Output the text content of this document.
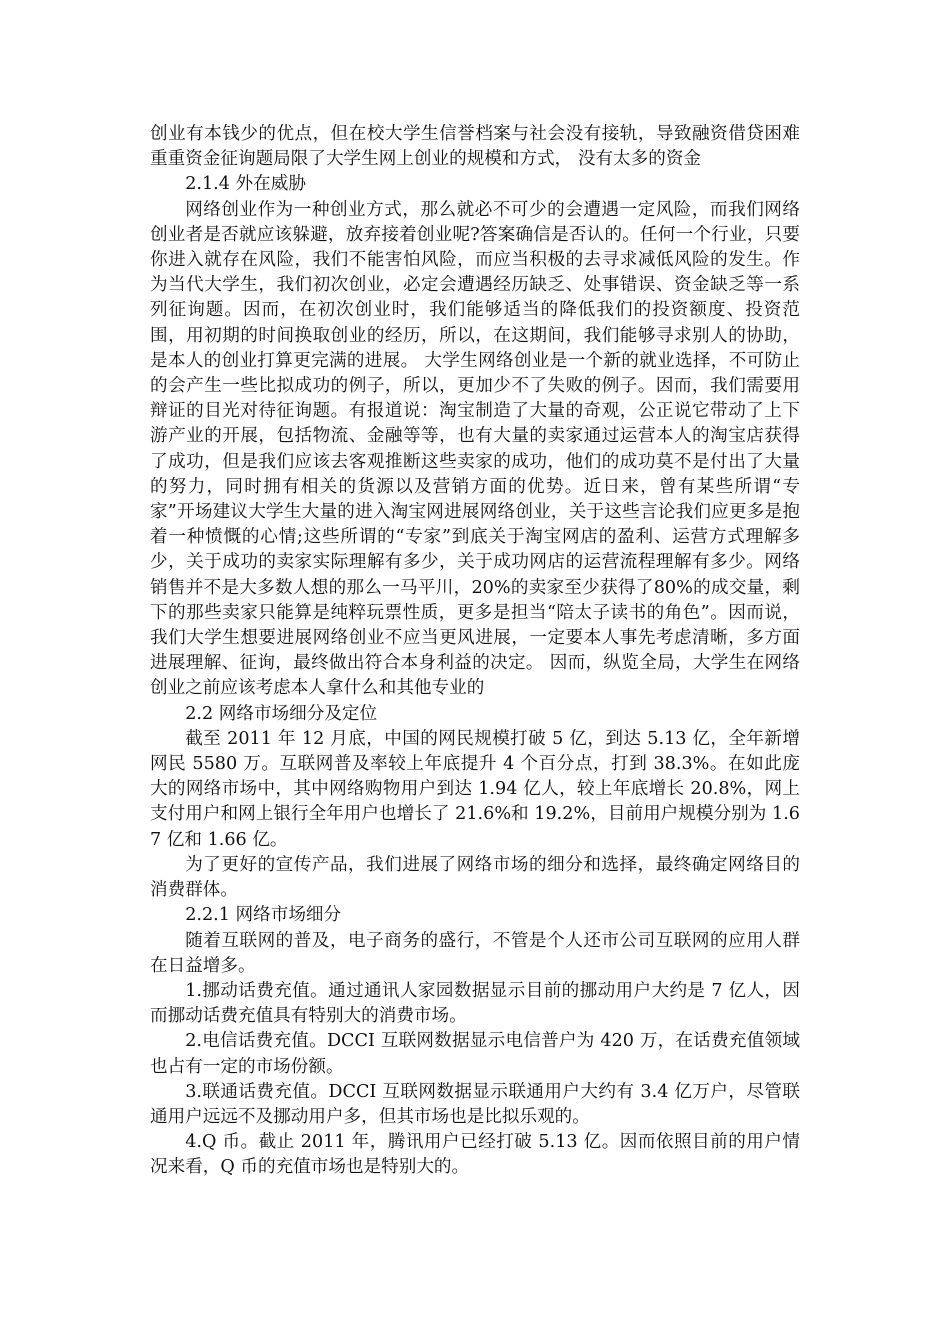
创业有本钱少的优点，但在校大学生信誉档案与社会没有接轨，导致融资借贷困难重重资金征询题局限了大学生网上创业的规模和方式， 没有太多的资金

2.1.4 外在威胁

网络创业作为一种创业方式，那么就必不可少的会遭遇一定风险，而我们网络创业者是否就应该躲避，放弃接着创业呢?答案确信是否认的。任何一个行业，只要你进入就存在风险，我们不能害怕风险，而应当积极的去寻求减低风险的发生。作为当代大学生，我们初次创业，必定会遭遇经历缺乏、处事错误、资金缺乏等一系列征询题。因而，在初次创业时，我们能够适当的降低我们的投资额度、投资范围，用初期的时间换取创业的经历，所以，在这期间，我们能够寻求别人的协助，是本人的创业打算更完满的进展。 大学生网络创业是一个新的就业选择，不可防止的会产生一些比拟成功的例子，所以，更加少不了失败的例子。因而，我们需要用辩证的目光对待征询题。有报道说：淘宝制造了大量的奇观，公正说它带动了上下游产业的开展，包括物流、金融等等，也有大量的卖家通过运营本人的淘宝店获得了成功，但是我们应该去客观推断这些卖家的成功，他们的成功莫不是付出了大量的努力，同时拥有相关的货源以及营销方面的优势。近日来，曾有某些所谓“专家”开场建议大学生大量的进入淘宝网进展网络创业，关于这些言论我们应更多是抱着一种愤慨的心情;这些所谓的“专家”到底关于淘宝网店的盈利、运营方式理解多少，关于成功的卖家实际理解有多少，关于成功网店的运营流程理解有多少。网络销售并不是大多数人想的那么一马平川，20%的卖家至少获得了80%的成交量，剩下的那些卖家只能算是纯粹玩票性质，更多是担当“陪太子读书的角色”。因而说，我们大学生想要进展网络创业不应当更风进展，一定要本人事先考虑清晰，多方面进展理解、征询，最终做出符合本身利益的决定。 因而，纵览全局，大学生在网络创业之前应该考虑本人拿什么和其他专业的

2.2 网络市场细分及定位

截至 2011 年 12 月底，中国的网民规模打破 5 亿，到达 5.13 亿，全年新增网民 5580 万。互联网普及率较上年底提升 4 个百分点，打到 38.3%。在如此庞大的网络市场中，其中网络购物用户到达 1.94 亿人，较上年底增长 20.8%，网上支付用户和网上银行全年用户也增长了 21.6%和 19.2%，目前用户规模分别为 1.67 亿和 1.66 亿。

为了更好的宣传产品，我们进展了网络市场的细分和选择，最终确定网络目的消费群体。

2.2.1 网络市场细分

随着互联网的普及，电子商务的盛行，不管是个人还市公司互联网的应用人群在日益增多。

1.挪动话费充值。通过通讯人家园数据显示目前的挪动用户大约是 7 亿人，因而挪动话费充值具有特别大的消费市场。

2.电信话费充值。DCCI 互联网数据显示电信普户为 420 万，在话费充值领域也占有一定的市场份额。

3.联通话费充值。DCCI 互联网数据显示联通用户大约有 3.4 亿万户，尽管联通用户远远不及挪动用户多，但其市场也是比拟乐观的。

4.Q 币。截止 2011 年，腾讯用户已经打破 5.13 亿。因而依照目前的用户情况来看，Q 币的充值市场也是特别大的。
